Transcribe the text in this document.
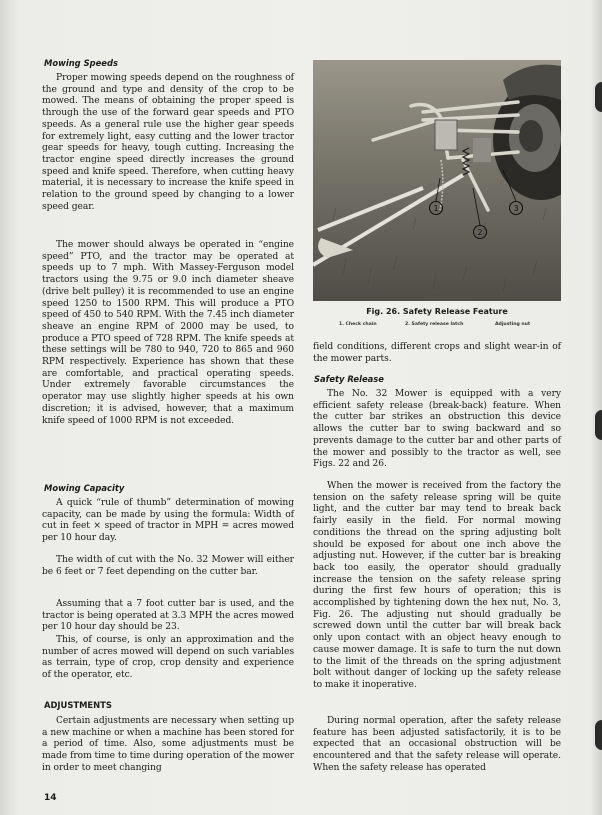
Mowing Speeds

Proper mowing speeds depend on the roughness of the ground and type and density of the crop to be mowed. The means of obtaining the proper speed is through the use of the forward gear speeds and PTO speeds. As a general rule use the higher gear speeds for extremely light, easy cutting and the lower tractor gear speeds for heavy, tough cutting. Increasing the tractor engine speed directly increases the ground speed and knife speed. Therefore, when cutting heavy material, it is necessary to increase the knife speed in relation to the ground speed by changing to a lower speed gear.

The mower should always be operated in “engine speed” PTO, and the tractor may be operated at speeds up to 7 mph. With Massey-Ferguson model tractors using the 9.75 or 9.0 inch diameter sheave (drive belt pulley) it is recommended to use an engine speed 1250 to 1500 RPM. This will produce a PTO speed of 450 to 540 RPM. With the 7.45 inch diameter sheave an engine RPM of 2000 may be used, to produce a PTO speed of 728 RPM. The knife speeds at these settings will be 780 to 940, 720 to 865 and 960 RPM respectively. Experience has shown that these are comfortable, and practical operating speeds. Under extremely favorable circumstances the operator may use slightly higher speeds at his own discretion; it is advised, however, that a maximum knife speed of 1000 RPM is not exceeded.

Mowing Capacity

A quick “rule of thumb” determination of mowing capacity, can be made by using the formula: Width of cut in feet × speed of tractor in MPH = acres mowed per 10 hour day.

The width of cut with the No. 32 Mower will either be 6 feet or 7 feet depending on the cutter bar.

Assuming that a 7 foot cutter bar is used, and the tractor is being operated at 3.3 MPH the acres mowed per 10 hour day should be 23.

This, of course, is only an approximation and the number of acres mowed will depend on such variables as terrain, type of crop, crop density and experience of the operator, etc.

ADJUSTMENTS

Certain adjustments are necessary when setting up a new machine or when a machine has been stored for a period of time. Also, some adjustments must be made from time to time during operation of the mower in order to meet changing

1
2
3
Fig. 26. Safety Release Feature
1. Check chain	2. Safety release latch	Adjusting nut

field conditions, different crops and slight wear-in of the mower parts.

Safety Release

The No. 32 Mower is equipped with a very efficient safety release (break-back) feature. When the cutter bar strikes an obstruction this device allows the cutter bar to swing backward and so prevents damage to the cutter bar and other parts of the mower and possibly to the tractor as well, see Figs. 22 and 26.

When the mower is received from the factory the tension on the safety release spring will be quite light, and the cutter bar may tend to break back fairly easily in the field. For normal mowing conditions the thread on the spring adjusting bolt should be exposed for about one inch above the adjusting nut. However, if the cutter bar is breaking back too easily, the operator should gradually increase the tension on the safety release spring during the first few hours of operation; this is accomplished by tightening down the hex nut, No. 3, Fig. 26. The adjusting nut should gradually be screwed down until the cutter bar will break back only upon contact with an object heavy enough to cause mower damage. It is safe to turn the nut down to the limit of the threads on the spring adjustment bolt without danger of locking up the safety release to make it inoperative.

During normal operation, after the safety release feature has been adjusted satisfactorily, it is to be expected that an occasional obstruction will be encountered and that the safety release will operate. When the safety release has operated

14
